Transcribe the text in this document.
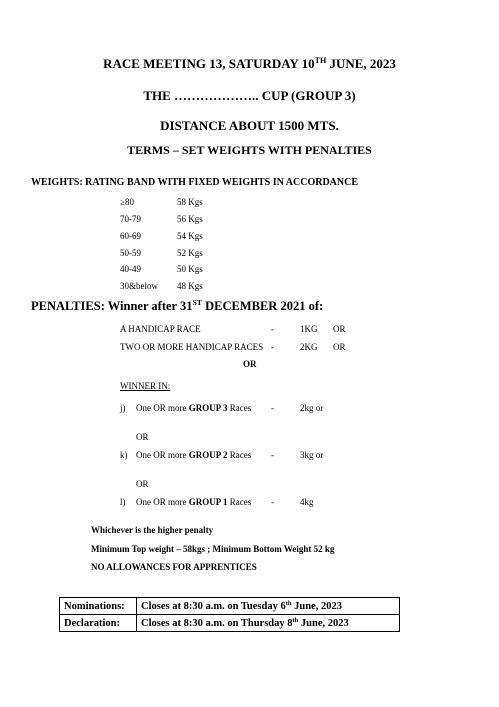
RACE MEETING 13, SATURDAY 10TH JUNE, 2023
THE ……………….. CUP (GROUP 3)
DISTANCE ABOUT 1500 MTS.
TERMS – SET WEIGHTS WITH PENALTIES
WEIGHTS: RATING BAND WITH FIXED WEIGHTS IN ACCORDANCE
≥80	58 Kgs
70-79	56 Kgs
60-69	54 Kgs
50-59	52 Kgs
40-49	50 Kgs
30&below 48 Kgs
PENALTIES: Winner after 31ST DECEMBER 2021 of:
A HANDICAP RACE	-	1KG OR
TWO OR MORE HANDICAP RACES -	2KG OR
OR
WINNER IN:
j) One OR more GROUP 3 Races -	2kg or
OR
k) One OR more GROUP 2 Races -	3kg or
OR
l) One OR more GROUP 1 Races -	4kg
Whichever is the higher penalty
Minimum Top weight – 58kgs ; Minimum Bottom Weight 52 kg
NO ALLOWANCES FOR APPRENTICES
Nominations:	Closes at 8:30 a.m. on Tuesday 6th June, 2023
Declaration:	Closes at 8:30 a.m. on Thursday 8th June, 2023
